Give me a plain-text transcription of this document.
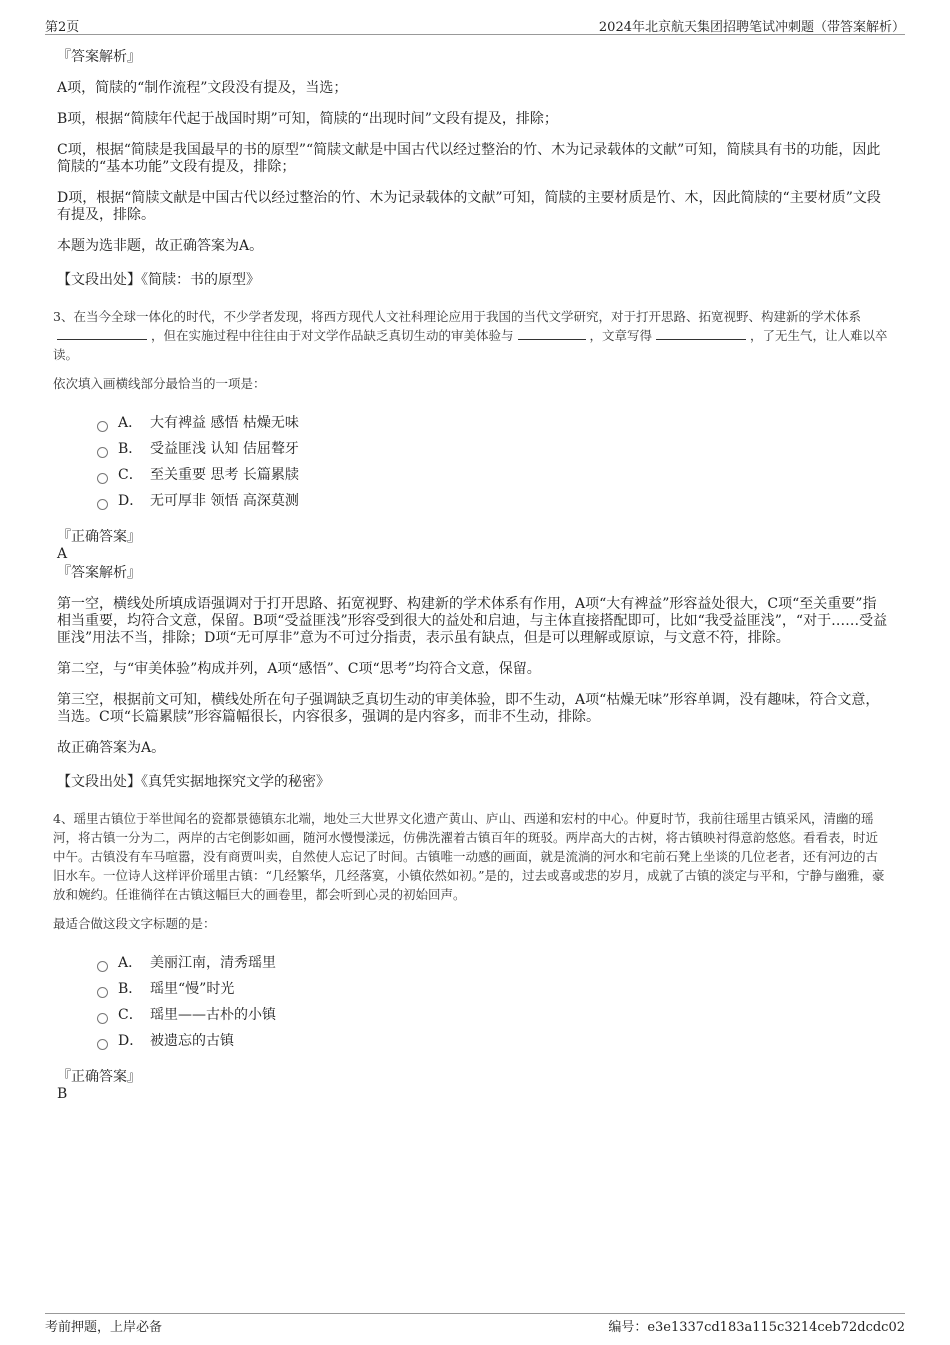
第2页	2024年北京航天集团招聘笔试冲刺题（带答案解析）
『答案解析』
A项，简牍的“制作流程”文段没有提及，当选；
B项，根据“简牍年代起于战国时期”可知，简牍的“出现时间”文段有提及，排除；
C项，根据“简牍是我国最早的书的原型”“简牍文献是中国古代以经过整治的竹、木为记录载体的文献”可知，简牍具有书的功能，因此简牍的“基本功能”文段有提及，排除；
D项，根据“简牍文献是中国古代以经过整治的竹、木为记录载体的文献”可知，简牍的主要材质是竹、木，因此简牍的“主要材质”文段有提及，排除。
本题为选非题，故正确答案为A。
【文段出处】《简牍：书的原型》
3、在当今全球一体化的时代，不少学者发现，将西方现代人文社科理论应用于我国的当代文学研究，对于打开思路、拓宽视野、构建新的学术体系，但在实施过程中往往由于对文学作品缺乏真切生动的审美体验与	，文章写得	，了无生气，让人难以卒读。
依次填入画横线部分最恰当的一项是：
A． 大有裨益 感悟 枯燥无味
B． 受益匪浅 认知 佶屈聱牙
C． 至关重要 思考 长篇累牍
D． 无可厚非 领悟 高深莫测
『正确答案』
A
『答案解析』
第一空，横线处所填成语强调对于打开思路、拓宽视野、构建新的学术体系有作用，A项“大有裨益”形容益处很大，C项“至关重要”指相当重要，均符合文意，保留。B项“受益匪浅”形容受到很大的益处和启迪，与主体直接搭配即可，比如“我受益匪浅”，“对于……受益匪浅”用法不当，排除；D项“无可厚非”意为不可过分指责，表示虽有缺点，但是可以理解或原谅，与文意不符，排除。
第二空，与“审美体验”构成并列，A项“感悟”、C项“思考”均符合文意，保留。
第三空，根据前文可知，横线处所在句子强调缺乏真切生动的审美体验，即不生动，A项“枯燥无味”形容单调，没有趣味，符合文意，当选。C项“长篇累牍”形容篇幅很长，内容很多，强调的是内容多，而非不生动，排除。
故正确答案为A。
【文段出处】《真凭实据地探究文学的秘密》
4、瑶里古镇位于举世闻名的瓷都景德镇东北端，地处三大世界文化遗产黄山、庐山、西递和宏村的中心。仲夏时节，我前往瑶里古镇采风，清幽的瑶河，将古镇一分为二，两岸的古宅倒影如画，随河水慢慢漾远，仿佛洗濯着古镇百年的斑驳。两岸高大的古树，将古镇映衬得意韵悠悠。看看表，时近中午。古镇没有车马喧嚣，没有商贾叫卖，自然使人忘记了时间。古镇唯一动感的画面，就是流淌的河水和宅前石凳上坐谈的几位老者，还有河边的古旧水车。一位诗人这样评价瑶里古镇：“几经繁华，几经落寞，小镇依然如初。”是的，过去或喜或悲的岁月，成就了古镇的淡定与平和，宁静与幽雅，豪放和婉约。任谁徜徉在古镇这幅巨大的画卷里，都会听到心灵的初始回声。
最适合做这段文字标题的是：
A． 美丽江南，清秀瑶里
B． 瑶里“慢”时光
C． 瑶里——古朴的小镇
D． 被遗忘的古镇
『正确答案』
B
考前押题，上岸必备	编号：e3e1337cd183a115c3214ceb72dcdc02
